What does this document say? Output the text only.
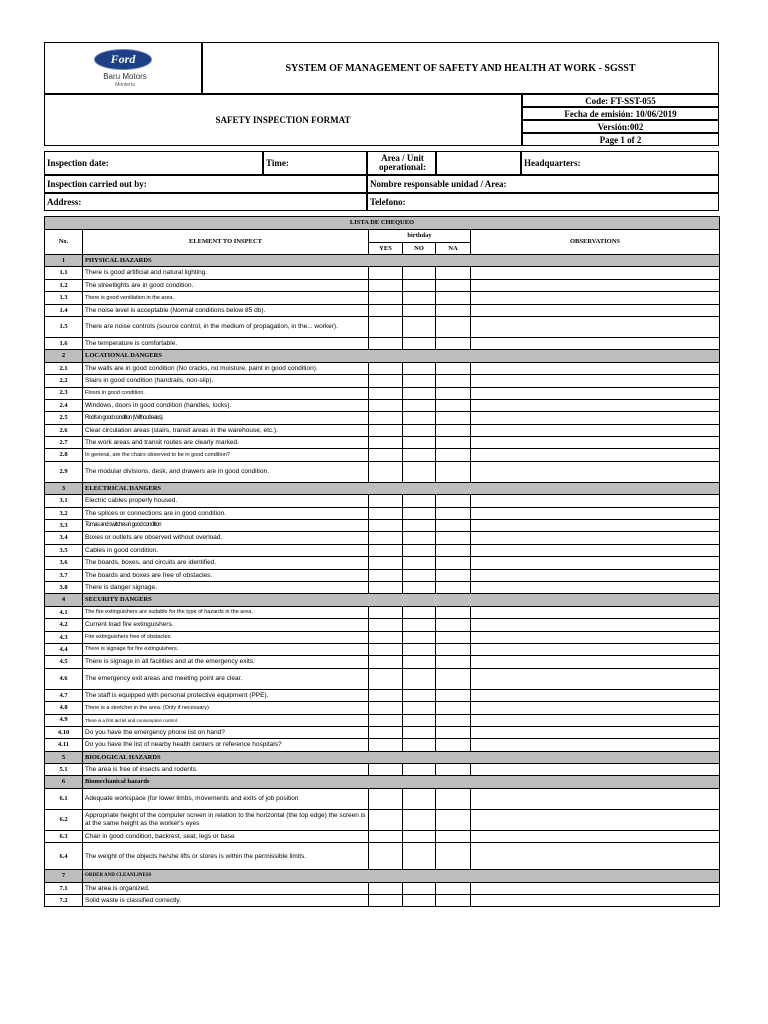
Ford
Baru Motors
Montería
SYSTEM OF MANAGEMENT OF SAFETY AND HEALTH AT WORK - SGSST
SAFETY INSPECTION FORMAT
Code: FT-SST-055
Fecha de emisión: 10/06/2019
Versión:002
Page 1 of 2
Inspection date:	Time:
Area / Unit operational:	Headquarters:
Inspection carried out by:	Nombre responsable unidad / Area:
Address:	Telefono:
LISTA DE CHEQUEO					
No.	ELEMENT TO INSPECT	birthday			OBSERVATIONS
		YES	NO	NA	
1	PHYSICAL HAZARDS				
1.1	There is good artificial and natural lighting.				
1.2	The streetlights are in good condition.				
1.3	There is good ventilation in the area.				
1.4	The noise level is acceptable (Normal conditions below 85 db).				
1.5	There are noise controls (source control, in the medium of propagation, in the... worker).				
1.6	The temperature is comfortable.				
2	LOCATIONAL DANGERS				
2.1	The walls are in good condition (No cracks, no moisture, paint in good condition).				
2.2	Stairs in good condition (handrails, non-slip).				
2.3	Floors in good condition.				
2.4	Windows, doors in good condition (handles, locks).				
2.5	Roofs in good condition (Without leaks).				
2.6	Clear circulation areas (stairs, transit areas in the warehouse, etc.).				
2.7	The work areas and transit routes are clearly marked.				
2.8	In general, are the chairs observed to be in good condition?				
2.9	The modular divisions, desk, and drawers are in good condition.				
3	ELECTRICAL DANGERS				
3.1	Electric cables properly housed.				
3.2	The splices or connections are in good condition.				
3.3	Tomas and switches in good condition				
3.4	Boxes or outlets are observed without overload.				
3.5	Cables in good condition.				
3.6	The boards, boxes, and circuits are identified.				
3.7	The boards and boxes are free of obstacles.				
3.8	There is danger signage.				
4	SECURITY DANGERS				
4.1	The fire extinguishers are suitable for the type of hazards in the area.				
4.2	Current load fire extinguishers.				
4.3	Fire extinguishers free of obstacles.				
4.4	There is signage for fire extinguishers.				
4.5	There is signage in all facilities and at the emergency exits.				
4.6	The emergency exit areas and meeting point are clear.				
4.7	The staff is equipped with personal protective equipment (PPE).				
4.8	There is a stretcher in the area. (Only if necessary).				
4.9	There is a first aid kit and consumption control				
4.10	Do you have the emergency phone list on hand?				
4.11	Do you have the list of nearby health centers or reference hospitals?				
5	BIOLOGICAL HAZARDS				
5.1	The area is free of insects and rodents.				
6	Biomechanical hazards				
6.1	Adequate workspace (for lower limbs, movements and exits of job position				
6.2	Appropriate height of the computer screen in relation to the horizontal (the top edge) the screen is at the same height as the worker's eyes				
6.3	Chair in good condition, backrest, seat, legs or base				
6.4	The weight of the objects he/she lifts or stores is within the permissible limits.				
7	ORDER AND CLEANLINESS				
7.1	The area is organized.				
7.2	Solid waste is classified correctly.				
